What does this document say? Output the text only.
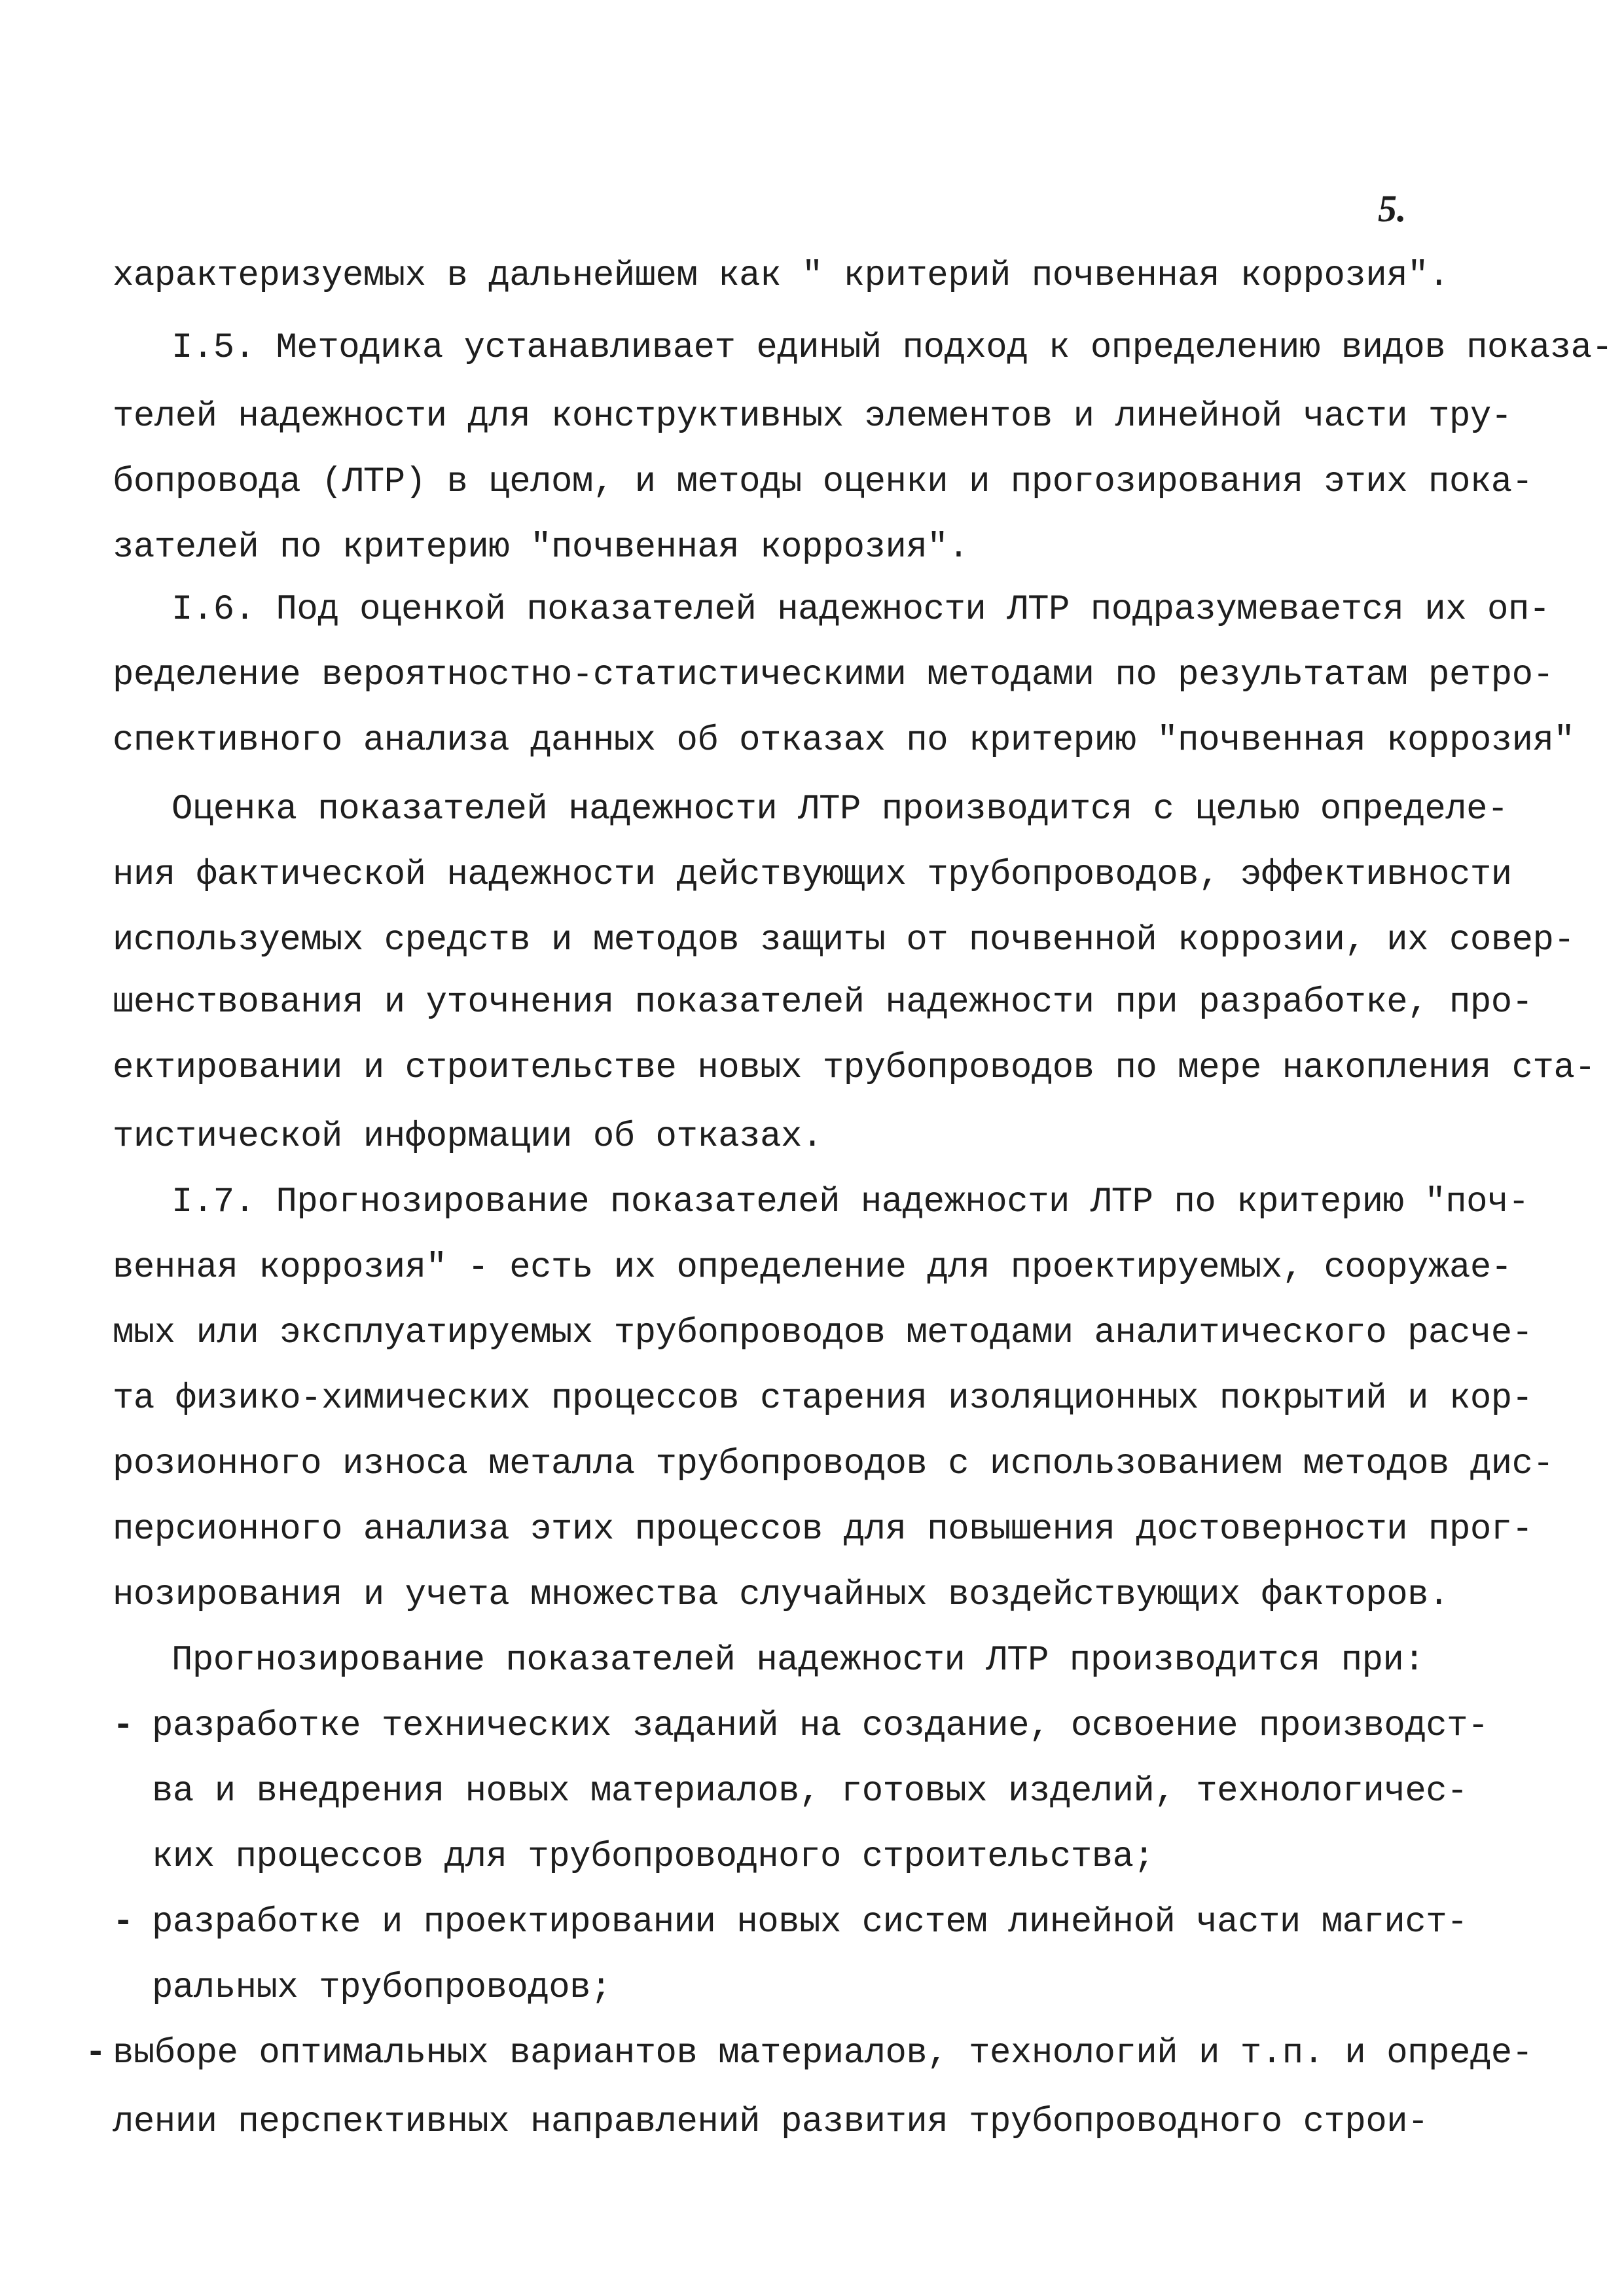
5.
характеризуемых в дальнейшем как " критерий почвенная коррозия".
I.5. Методика устанавливает единый подход к определению видов показа-
телей надежности для конструктивных элементов и линейной части тру-
бопровода (ЛТР) в целом, и методы оценки и прогозирования этих пока-
зателей по критерию "почвенная коррозия".
I.6. Под оценкой показателей надежности ЛТР подразумевается их оп-
ределение вероятностно-статистическими методами по результатам ретро-
спективного анализа данных об отказах по критерию "почвенная коррозия"
Оценка показателей надежности ЛТР производится с целью определе-
ния фактической надежности действующих трубопроводов, эффективности
используемых средств и методов защиты от почвенной коррозии, их совер-
шенствования и уточнения показателей надежности при разработке, про-
ектировании и строительстве новых трубопроводов по мере накопления ста-
тистической информации об отказах.
I.7. Прогнозирование показателей надежности ЛТР по критерию "поч-
венная коррозия" - есть их определение для проектируемых, сооружае-
мых или эксплуатируемых трубопроводов методами аналитического расче-
та физико-химических процессов старения изоляционных покрытий и кор-
розионного износа металла трубопроводов с использованием методов дис-
персионного анализа этих процессов для повышения достоверности прог-
нозирования и учета множества случайных воздействующих факторов.
Прогнозирование показателей надежности ЛТР производится при:
- разработке технических заданий на создание, освоение производст-
ва и внедрения новых материалов, готовых изделий, технологичес-
ких процессов для трубопроводного строительства;
- разработке и проектировании новых систем линейной части магист-
ральных трубопроводов;
- выборе оптимальных вариантов материалов, технологий и т.п. и опреде-
лении перспективных направлений развития трубопроводного строи-
